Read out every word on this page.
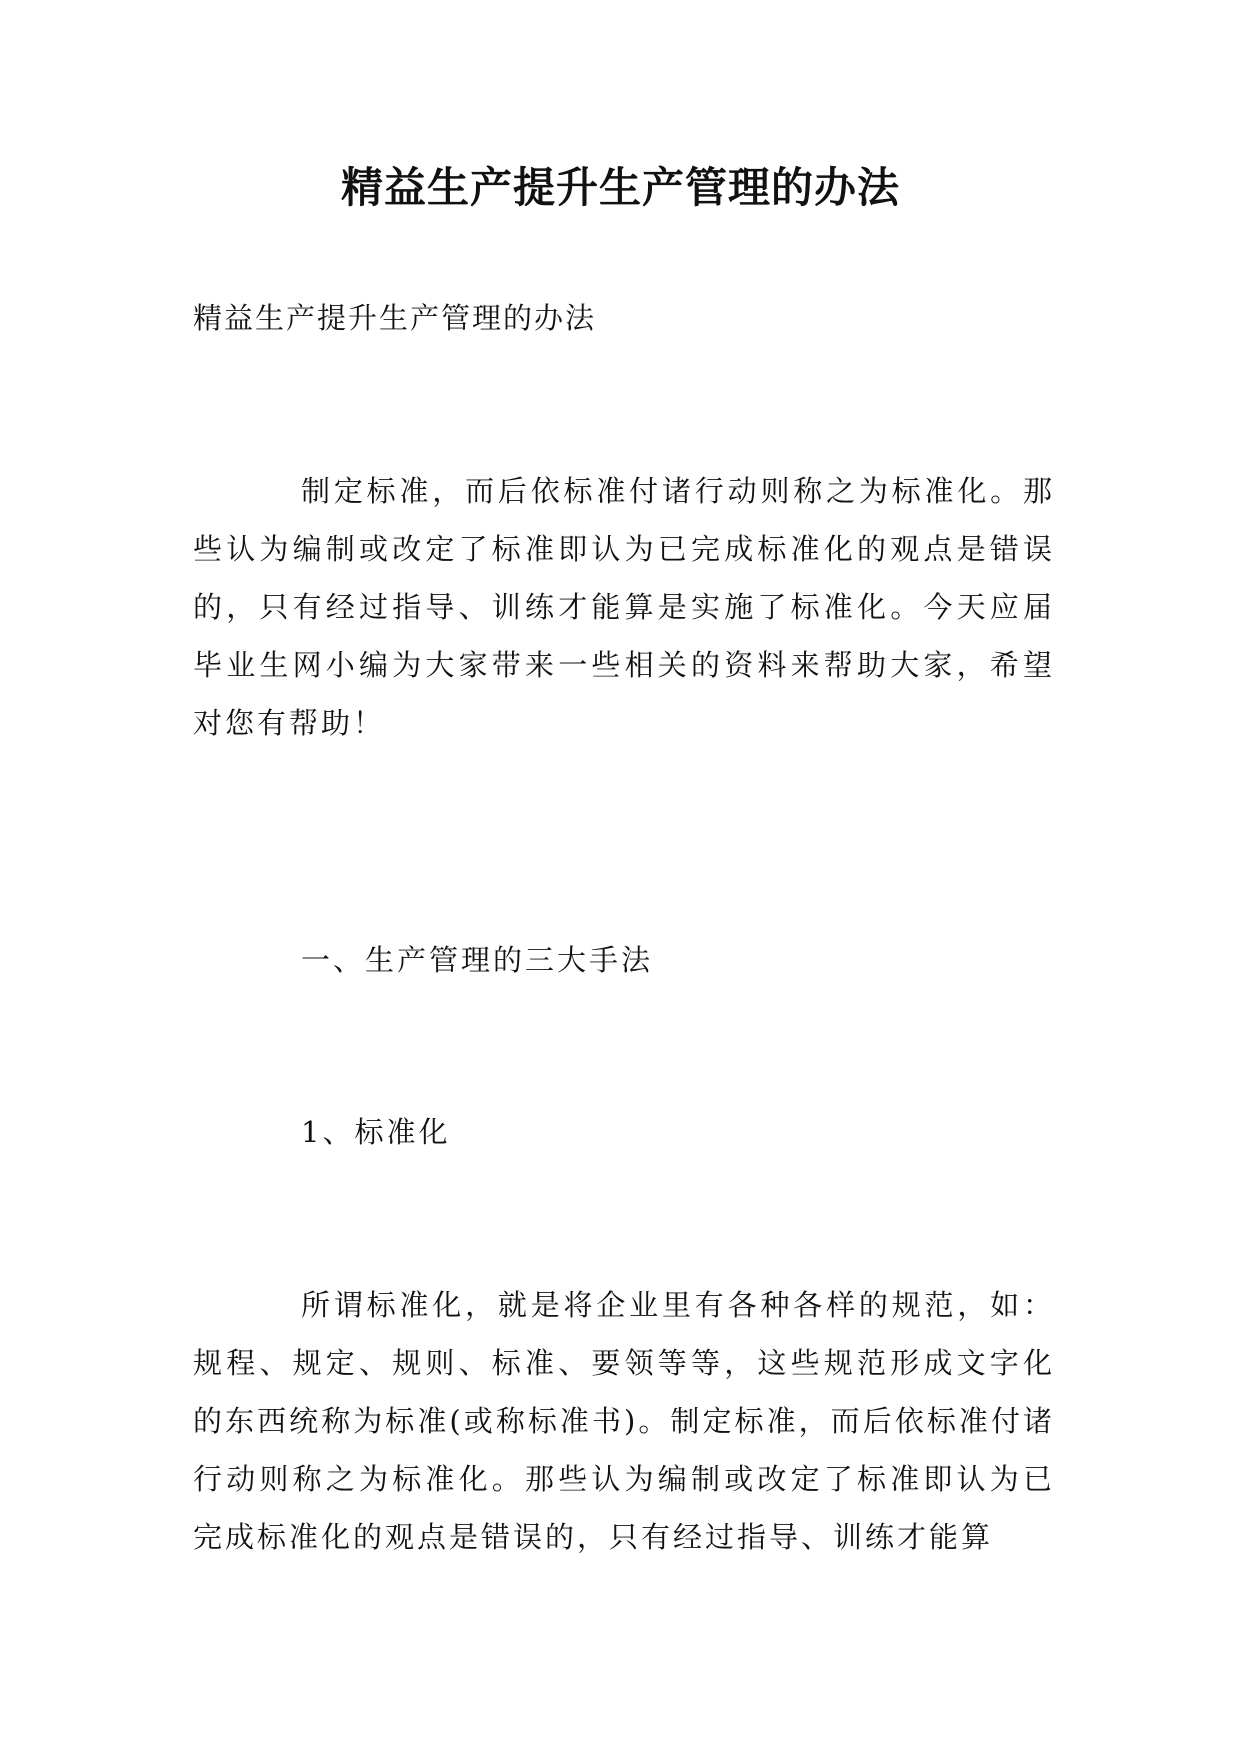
精益生产提升生产管理的办法
精益生产提升生产管理的办法

制定标准，而后依标准付诸行动则称之为标准化。那些认为编制或改定了标准即认为已完成标准化的观点是错误的，只有经过指导、训练才能算是实施了标准化。今天应届毕业生网小编为大家带来一些相关的资料来帮助大家，希望对您有帮助！

一、生产管理的三大手法
1、标准化

所谓标准化，就是将企业里有各种各样的规范，如：规程、规定、规则、标准、要领等等，这些规范形成文字化的东西统称为标准(或称标准书)。制定标准，而后依标准付诸行动则称之为标准化。那些认为编制或改定了标准即认为已完成标准化的观点是错误的，只有经过指导、训练才能算
